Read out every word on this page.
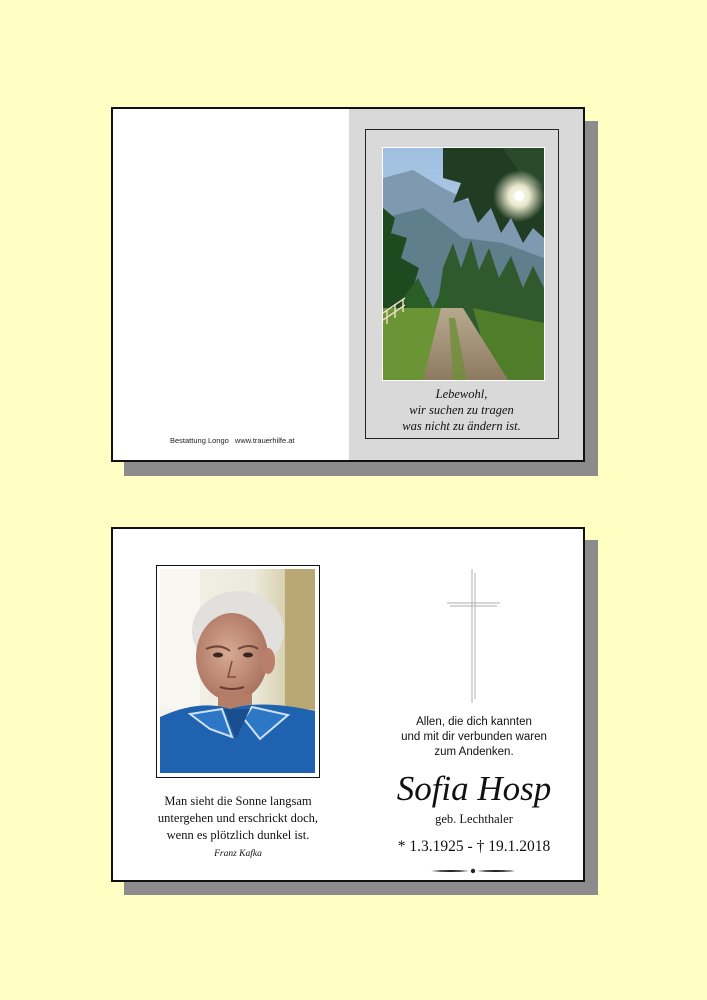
Bestattung Longo www.trauerhilfe.at
Lebewohl,
wir suchen zu tragen
was nicht zu ändern ist.
Man sieht die Sonne langsam
untergehen und erschrickt doch,
wenn es plötzlich dunkel ist.
Franz Kafka
Allen, die dich kannten
und mit dir verbunden waren
zum Andenken.
Sofia Hosp
geb. Lechthaler
* 1.3.1925 - † 19.1.2018
